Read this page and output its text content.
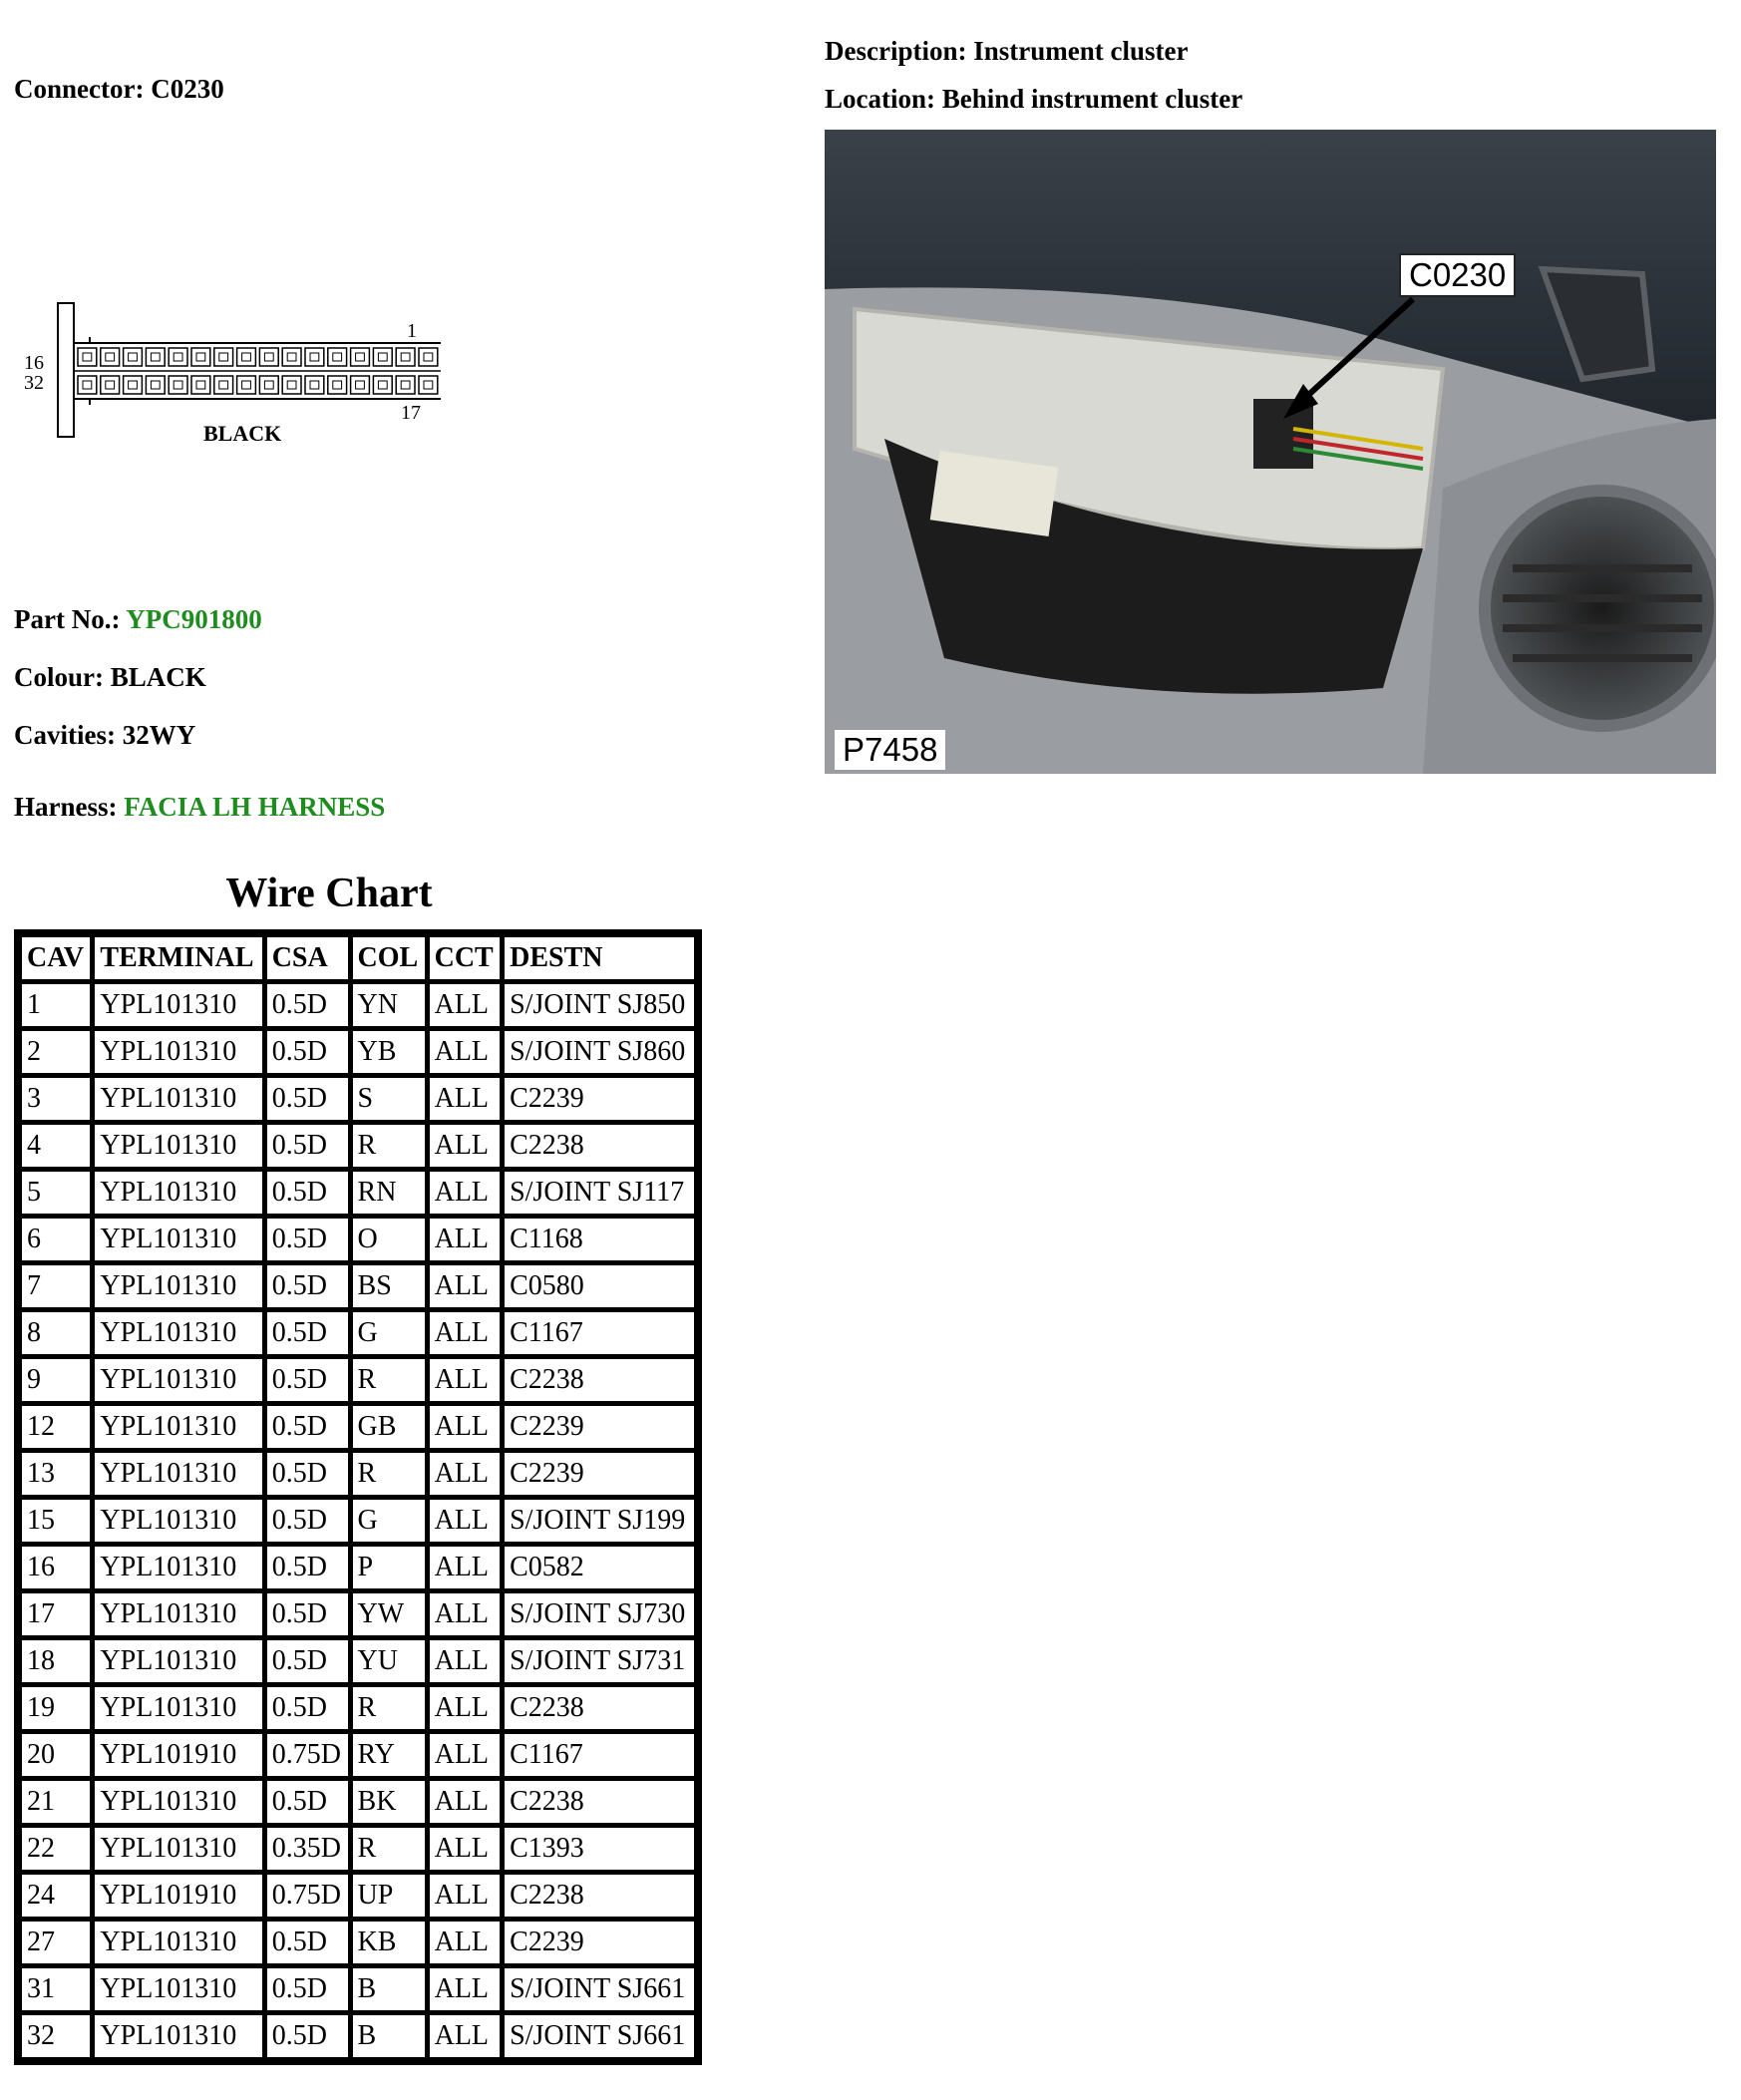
Connector: C0230
Description: Instrument cluster
Location: Behind instrument cluster
16
32
1
17
BLACK
C0230
P7458
Part No.: YPC901800
Colour: BLACK
Cavities: 32WY
Harness: FACIA LH HARNESS
Wire Chart
CAV	TERMINAL	CSA	COL	CCT	DESTN
1	YPL101310	0.5D	YN	ALL	S/JOINT SJ850
2	YPL101310	0.5D	YB	ALL	S/JOINT SJ860
3	YPL101310	0.5D	S	ALL	C2239
4	YPL101310	0.5D	R	ALL	C2238
5	YPL101310	0.5D	RN	ALL	S/JOINT SJ117
6	YPL101310	0.5D	O	ALL	C1168
7	YPL101310	0.5D	BS	ALL	C0580
8	YPL101310	0.5D	G	ALL	C1167
9	YPL101310	0.5D	R	ALL	C2238
12	YPL101310	0.5D	GB	ALL	C2239
13	YPL101310	0.5D	R	ALL	C2239
15	YPL101310	0.5D	G	ALL	S/JOINT SJ199
16	YPL101310	0.5D	P	ALL	C0582
17	YPL101310	0.5D	YW	ALL	S/JOINT SJ730
18	YPL101310	0.5D	YU	ALL	S/JOINT SJ731
19	YPL101310	0.5D	R	ALL	C2238
20	YPL101910	0.75D	RY	ALL	C1167
21	YPL101310	0.5D	BK	ALL	C2238
22	YPL101310	0.35D	R	ALL	C1393
24	YPL101910	0.75D	UP	ALL	C2238
27	YPL101310	0.5D	KB	ALL	C2239
31	YPL101310	0.5D	B	ALL	S/JOINT SJ661
32	YPL101310	0.5D	B	ALL	S/JOINT SJ661
